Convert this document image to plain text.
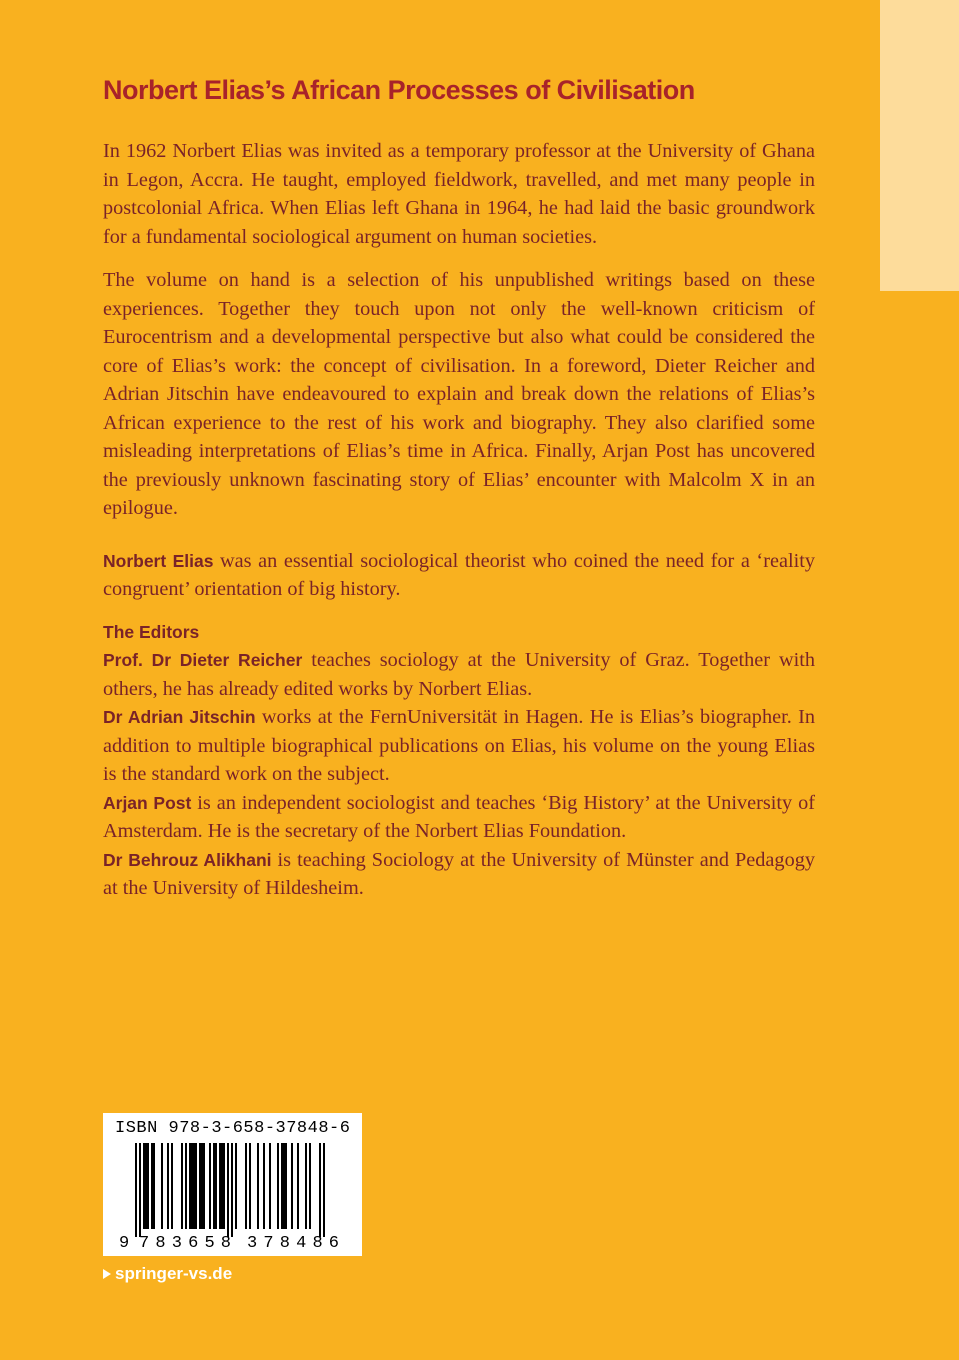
Norbert Elias’s African Processes of Civilisation

In 1962 Norbert Elias was invited as a temporary professor at the University of Ghana in Legon, Accra. He taught, employed fieldwork, travelled, and met many people in postcolonial Africa. When Elias left Ghana in 1964, he had laid the basic groundwork for a fundamental sociological argument on human societies.

The volume on hand is a selection of his unpublished writings based on these experiences. Together they touch upon not only the well-known criticism of Eurocentrism and a developmental perspective but also what could be considered the core of Elias’s work: the concept of civilisation. In a foreword, Dieter Reicher and Adrian Jitschin have endeavoured to explain and break down the relations of Elias’s African experience to the rest of his work and biography. They also clarified some misleading interpretations of Elias’s time in Africa. Finally, Arjan Post has uncovered the previously unknown fascinating story of Elias’ encounter with Malcolm X in an epilogue.

Norbert Elias was an essential sociological theorist who coined the need for a ‘reality congruent’ orientation of big history.

The Editors

Prof. Dr Dieter Reicher teaches sociology at the University of Graz. Together with others, he has already edited works by Norbert Elias.

Dr Adrian Jitschin works at the FernUniversität in Hagen. He is Elias’s biographer. In addition to multiple biographical publications on Elias, his volume on the young Elias is the standard work on the subject.

Arjan Post is an independent sociologist and teaches ‘Big History’ at the University of Amsterdam. He is the secretary of the Norbert Elias Foundation.

Dr Behrouz Alikhani is teaching Sociology at the University of Münster and Pedagogy at the University of Hildesheim.

ISBN 978-3-658-37848-6
9 783658 378486
springer-vs.de
